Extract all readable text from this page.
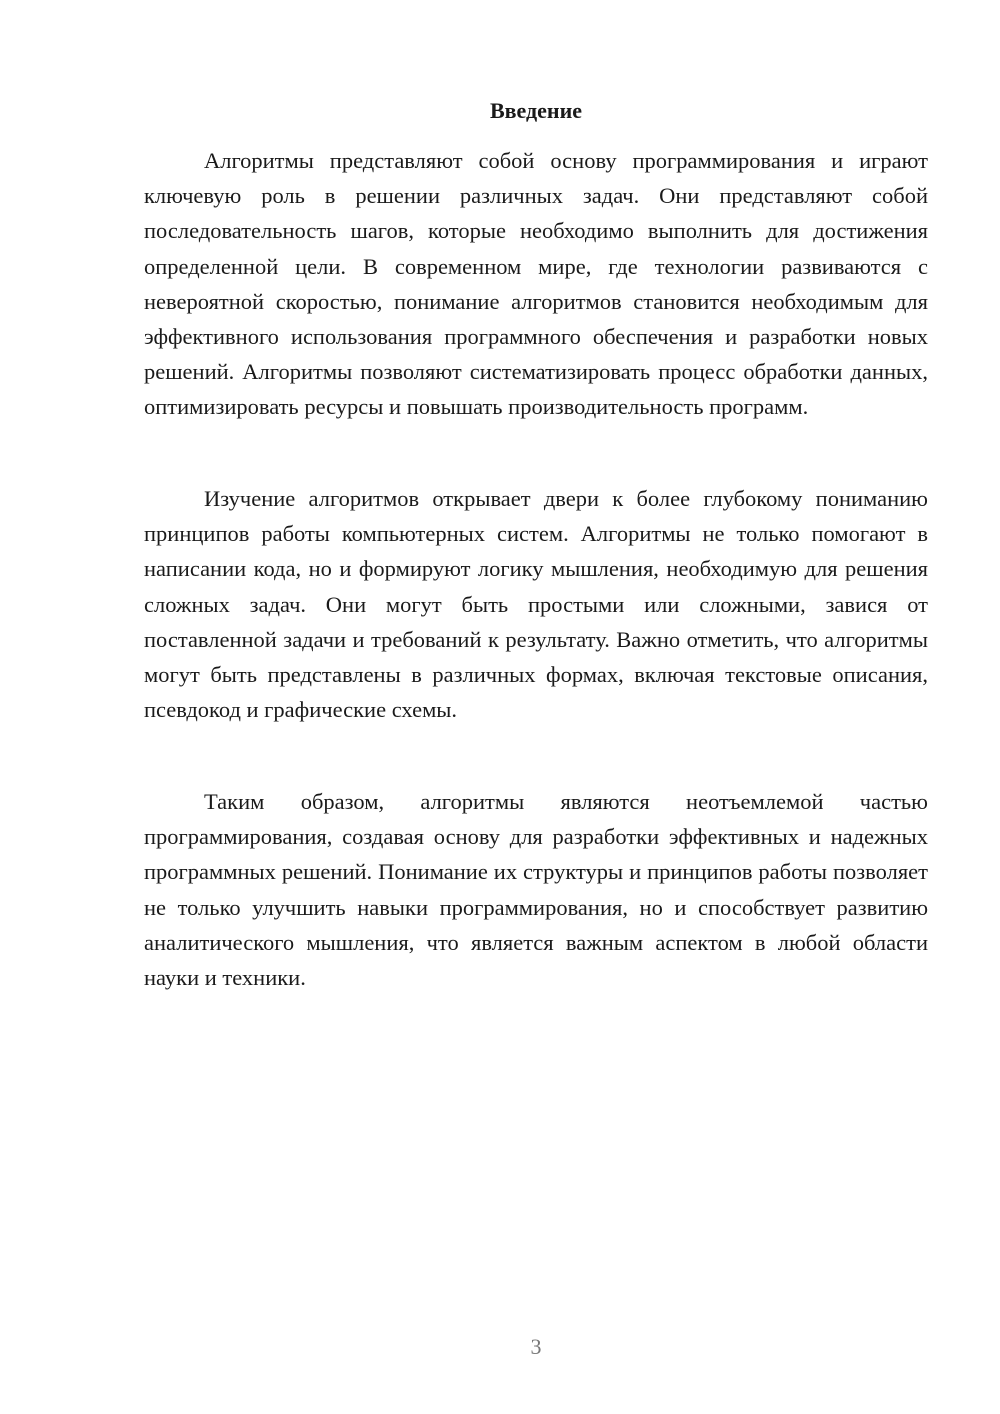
Введение

Алгоритмы представляют собой основу программирования и играют ключевую роль в решении различных задач. Они представляют собой последовательность шагов, которые необходимо выполнить для достижения определенной цели. В современном мире, где технологии развиваются с невероятной скоростью, понимание алгоритмов становится необходимым для эффективного использования программного обеспечения и разработки новых решений. Алгоритмы позволяют систематизировать процесс обработки данных, оптимизировать ресурсы и повышать производительность программ.

Изучение алгоритмов открывает двери к более глубокому пониманию принципов работы компьютерных систем. Алгоритмы не только помогают в написании кода, но и формируют логику мышления, необходимую для решения сложных задач. Они могут быть простыми или сложными, завися от поставленной задачи и требований к результату. Важно отметить, что алгоритмы могут быть представлены в различных формах, включая текстовые описания, псевдокод и графические схемы.

Таким образом, алгоритмы являются неотъемлемой частью программирования, создавая основу для разработки эффективных и надежных программных решений. Понимание их структуры и принципов работы позволяет не только улучшить навыки программирования, но и способствует развитию аналитического мышления, что является важным аспектом в любой области науки и техники.

3
